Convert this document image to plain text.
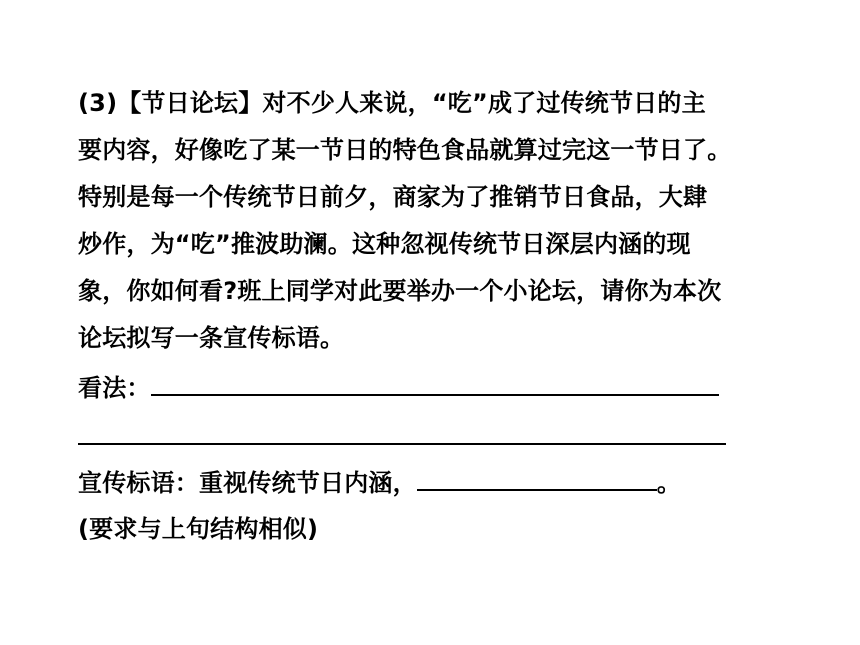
(3)【节日论坛】对不少人来说，“吃”成了过传统节日的主
要内容，好像吃了某一节日的特色食品就算过完这一节日了。
特别是每一个传统节日前夕，商家为了推销节日食品，大肆
炒作，为“吃”推波助澜。这种忽视传统节日深层内涵的现
象，你如何看?班上同学对此要举办一个小论坛，请你为本次
论坛拟写一条宣传标语。
看法：
宣传标语：重视传统节日内涵，	。
(要求与上句结构相似)
